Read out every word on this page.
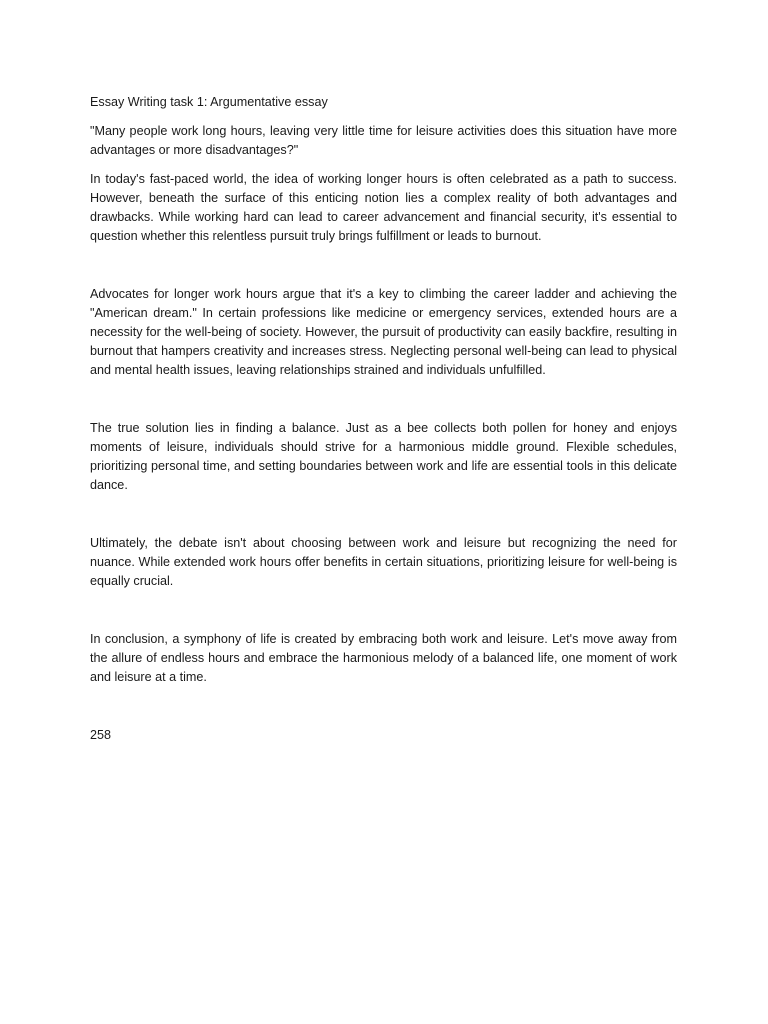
Essay Writing task 1: Argumentative essay

"Many people work long hours, leaving very little time for leisure activities does this situation have more advantages or more disadvantages?"

In today's fast-paced world, the idea of working longer hours is often celebrated as a path to success. However, beneath the surface of this enticing notion lies a complex reality of both advantages and drawbacks. While working hard can lead to career advancement and financial security, it's essential to question whether this relentless pursuit truly brings fulfillment or leads to burnout.

Advocates for longer work hours argue that it's a key to climbing the career ladder and achieving the "American dream." In certain professions like medicine or emergency services, extended hours are a necessity for the well-being of society. However, the pursuit of productivity can easily backfire, resulting in burnout that hampers creativity and increases stress. Neglecting personal well-being can lead to physical and mental health issues, leaving relationships strained and individuals unfulfilled.

The true solution lies in finding a balance. Just as a bee collects both pollen for honey and enjoys moments of leisure, individuals should strive for a harmonious middle ground. Flexible schedules, prioritizing personal time, and setting boundaries between work and life are essential tools in this delicate dance.

Ultimately, the debate isn't about choosing between work and leisure but recognizing the need for nuance. While extended work hours offer benefits in certain situations, prioritizing leisure for well-being is equally crucial.

In conclusion, a symphony of life is created by embracing both work and leisure. Let's move away from the allure of endless hours and embrace the harmonious melody of a balanced life, one moment of work and leisure at a time.

258
